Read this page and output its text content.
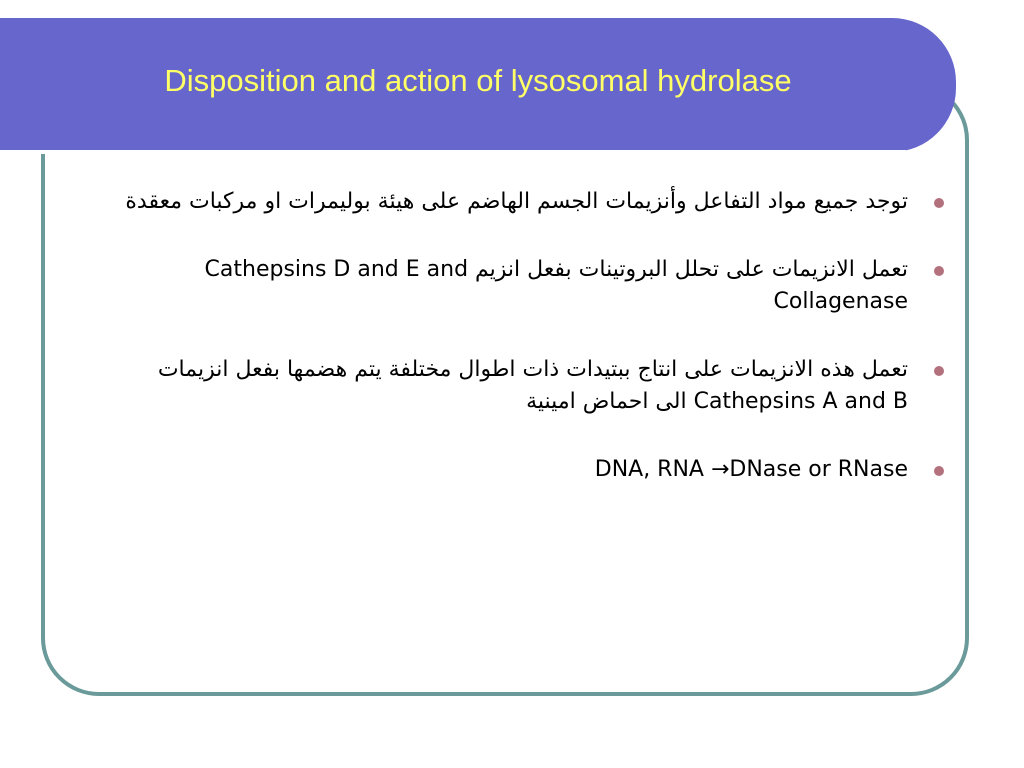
Disposition and action of lysosomal hydrolase
توجد جميع مواد التفاعل وأنزيمات الجسم الهاضم على هيئة بوليمرات او مركبات معقدة
تعمل الانزيمات على تحلل البروتينات بفعل انزيم Cathepsins D and E and Collagenase
تعمل هذه الانزيمات على انتاج ببتيدات ذات اطوال مختلفة يتم هضمها بفعل انزيمات Cathepsins A and B الى احماض امينية
DNA, RNA →DNase or RNase
